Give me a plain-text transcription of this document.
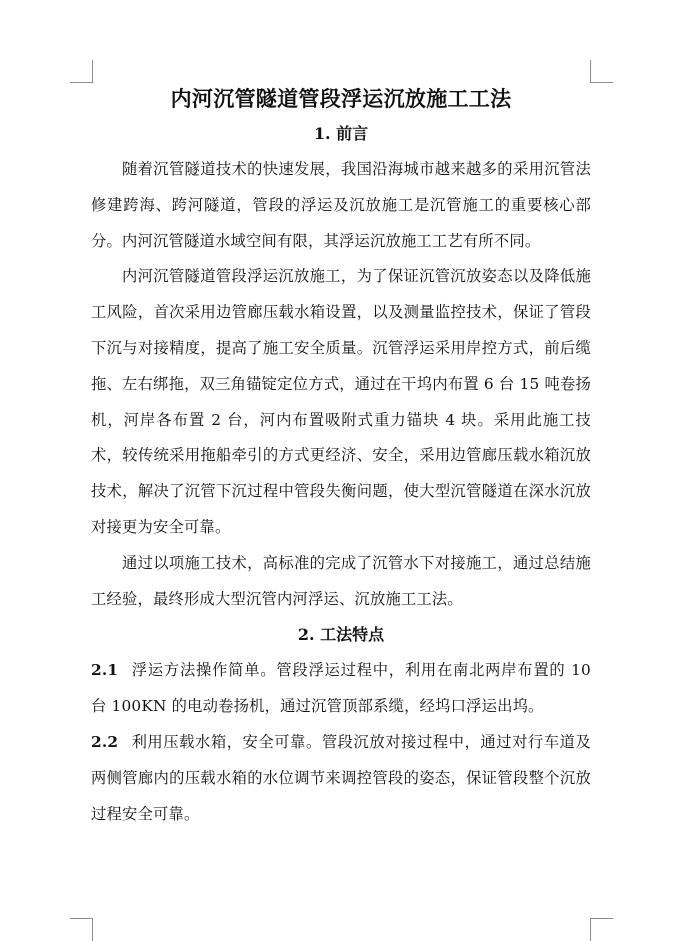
内河沉管隧道管段浮运沉放施工工法
1. 前言

随着沉管隧道技术的快速发展，我国沿海城市越来越多的采用沉管法修建跨海、跨河隧道，管段的浮运及沉放施工是沉管施工的重要核心部分。内河沉管隧道水域空间有限，其浮运沉放施工工艺有所不同。

内河沉管隧道管段浮运沉放施工，为了保证沉管沉放姿态以及降低施工风险，首次采用边管廊压载水箱设置，以及测量监控技术，保证了管段下沉与对接精度，提高了施工安全质量。沉管浮运采用岸控方式，前后缆拖、左右绑拖，双三角锚锭定位方式，通过在干坞内布置 6 台 15 吨卷扬机，河岸各布置 2 台，河内布置吸附式重力锚块 4 块。采用此施工技术，较传统采用拖船牵引的方式更经济、安全，采用边管廊压载水箱沉放技术，解决了沉管下沉过程中管段失衡问题，使大型沉管隧道在深水沉放对接更为安全可靠。

通过以项施工技术，高标准的完成了沉管水下对接施工，通过总结施工经验，最终形成大型沉管内河浮运、沉放施工工法。

2. 工法特点

2.1 浮运方法操作简单。管段浮运过程中，利用在南北两岸布置的 10 台 100KN 的电动卷扬机，通过沉管顶部系缆，经坞口浮运出坞。

2.2 利用压载水箱，安全可靠。管段沉放对接过程中，通过对行车道及两侧管廊内的压载水箱的水位调节来调控管段的姿态，保证管段整个沉放过程安全可靠。
